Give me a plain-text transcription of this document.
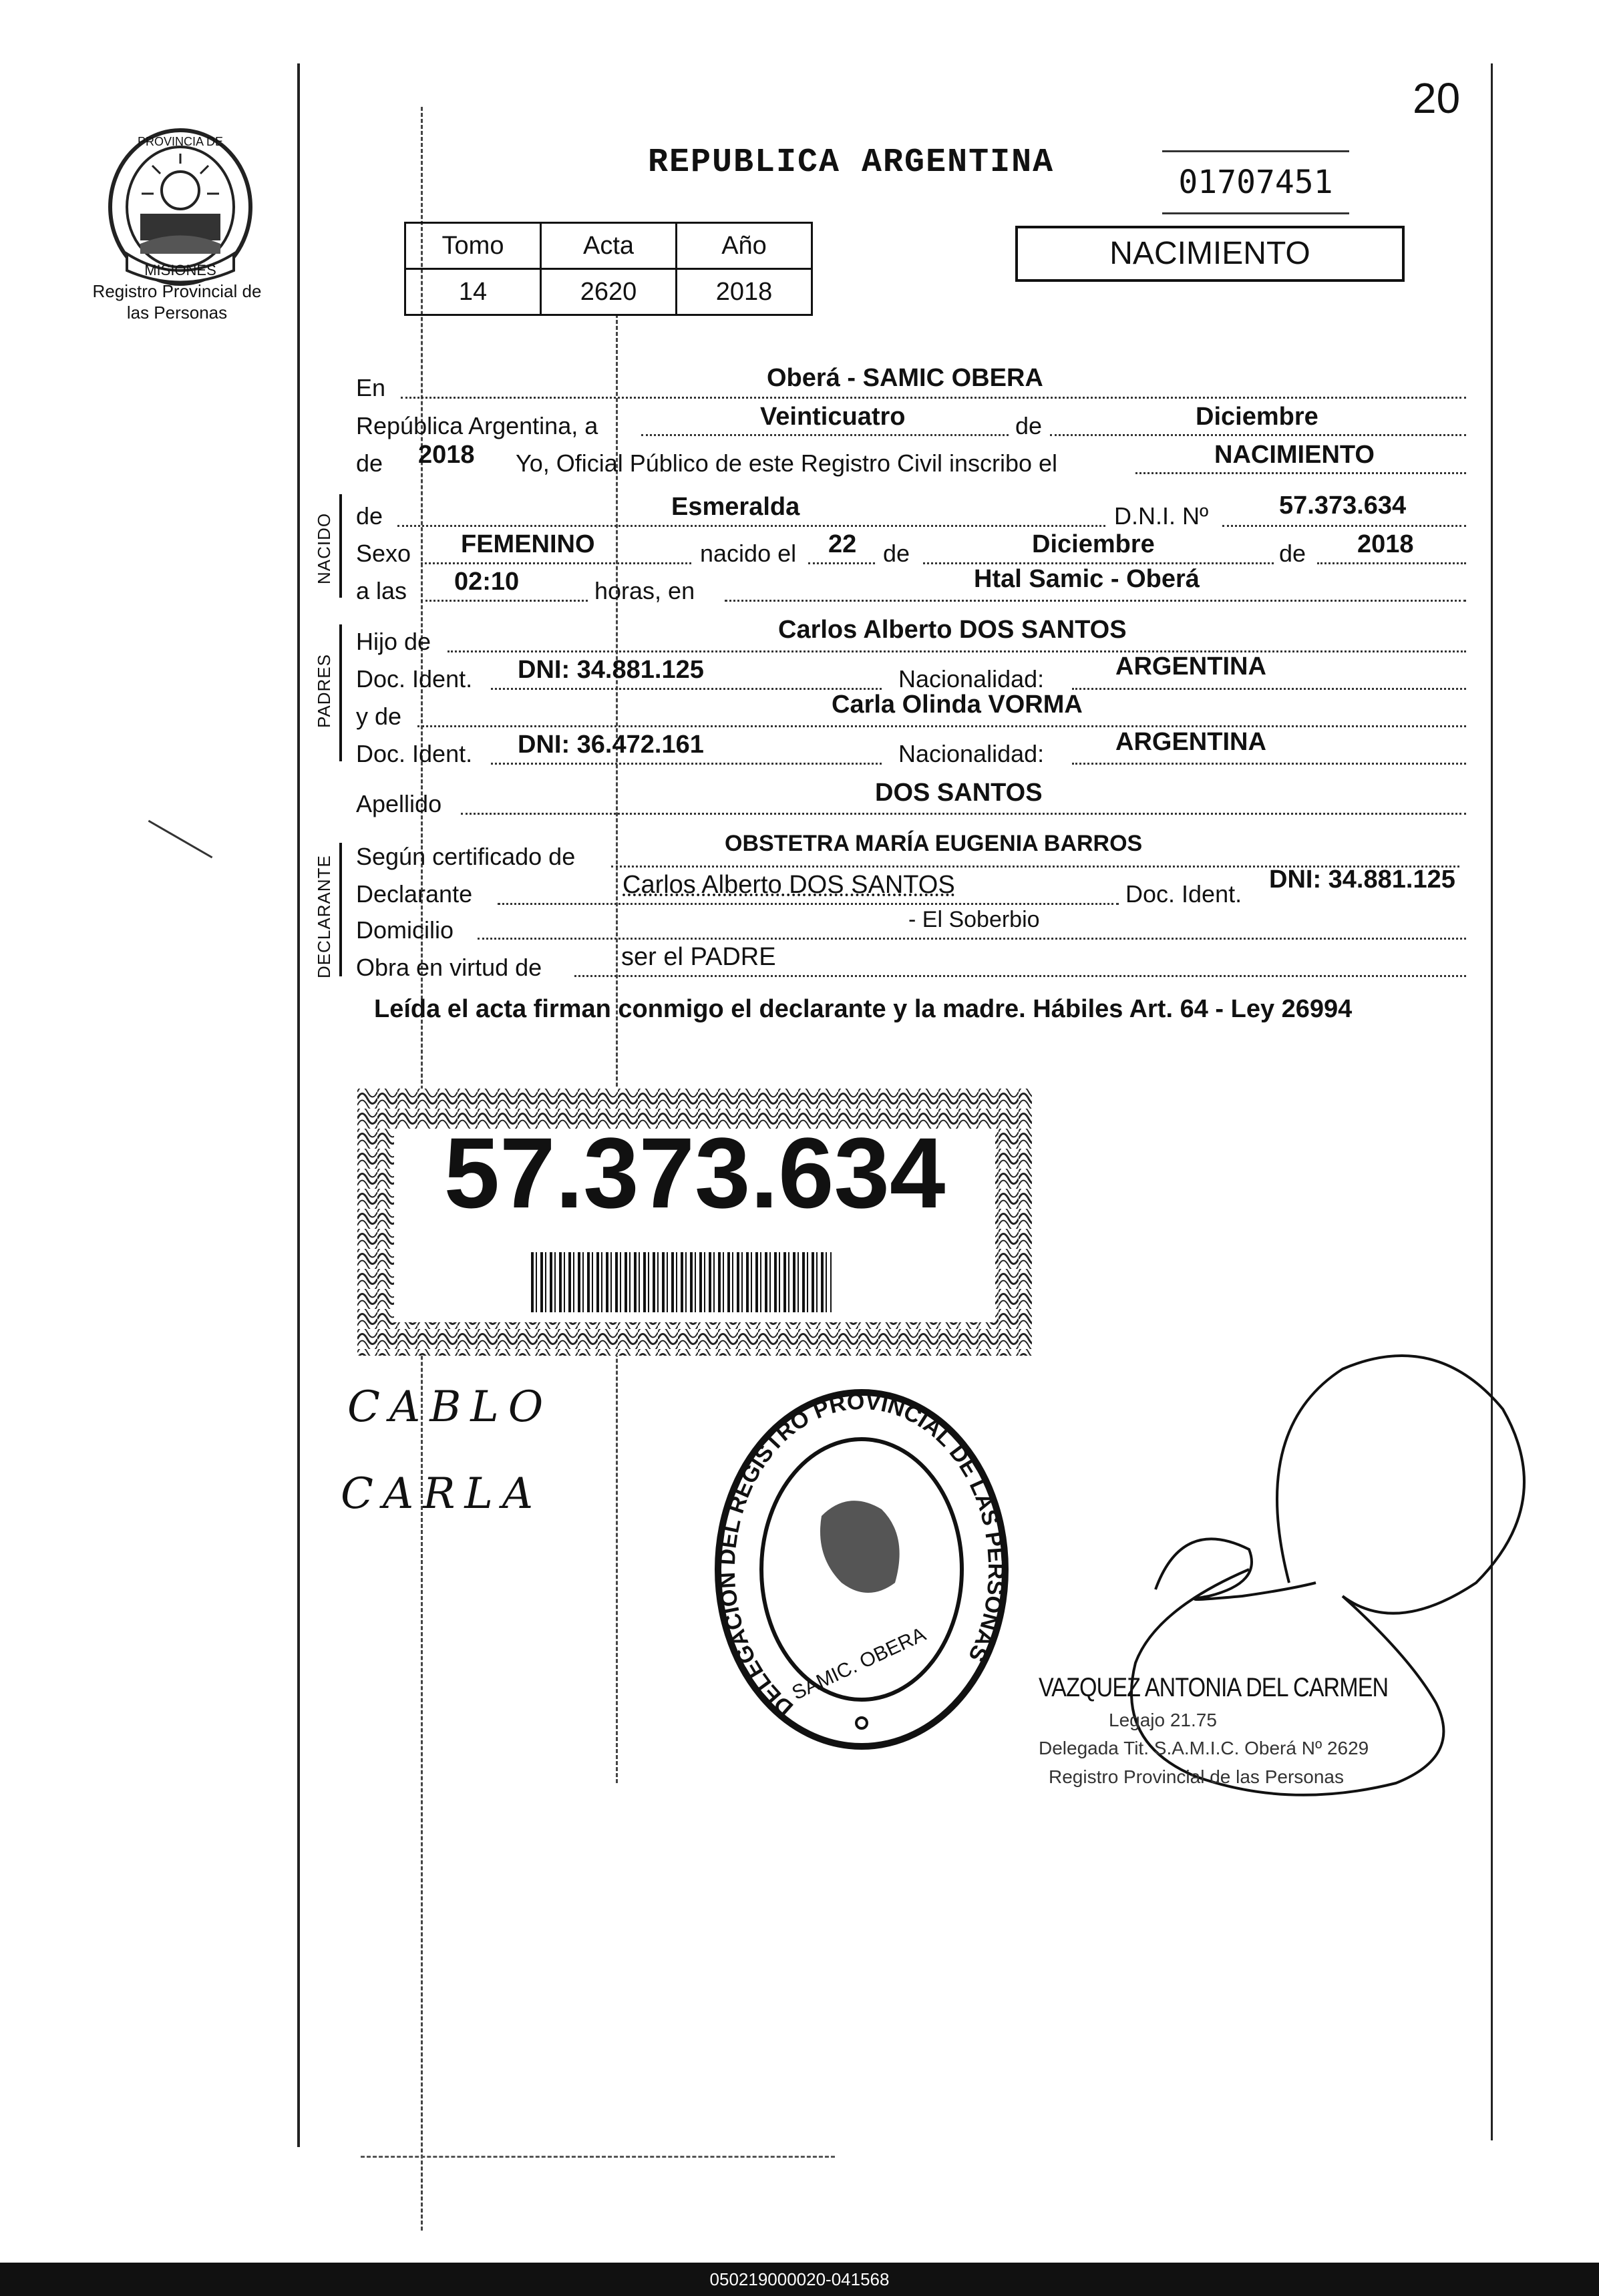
20
MISIONES
PROVINCIA DE
Registro Provincial de las Personas
REPUBLICA ARGENTINA
01707451
Tomo	Acta	Año
14	2620	2018
NACIMIENTO
En	Oberá - SAMIC OBERA
República Argentina, a	Veinticuatro	de	Diciembre
de 2018 Yo, Oficial Público de este Registro Civil inscribo el	NACIMIENTO
NACIDO de	Esmeralda	D.N.I. Nº	57.373.634
Sexo FEMENINO	nacido el 22 de	Diciembre	de 2018
a las 02:10	horas, en	Htal Samic - Oberá
PADRES
Hijo de	Carlos Alberto DOS SANTOS
Doc. Ident. DNI: 34.881.125	Nacionalidad:	ARGENTINA
y de	Carla Olinda VORMA
Doc. Ident. DNI: 36.472.161	Nacionalidad:	ARGENTINA
Apellido	DOS SANTOS
DECLARANTE Según certificado de	OBSTETRA MARÍA EUGENIA BARROS
Declarante	Carlos Alberto DOS SANTOS	Doc. Ident.
DNI: 34.881.125
Domicilio	- El Soberbio
Obra en virtud de	ser el PADRE
Leída el acta firman conmigo el declarante y la madre. Hábiles Art. 64 - Ley 26994
57.373.634
CABLO
CARLA
DELEGACION DEL REGISTRO PROVINCIAL DE LAS PERSONAS
SAMIC. OBERA	VAZQUEZ ANTONIA DEL CARMEN
Legajo 21.75
Delegada Tit. S.A.M.I.C. Oberá Nº 2629
Registro Provincial de las Personas
050219000020-041568
